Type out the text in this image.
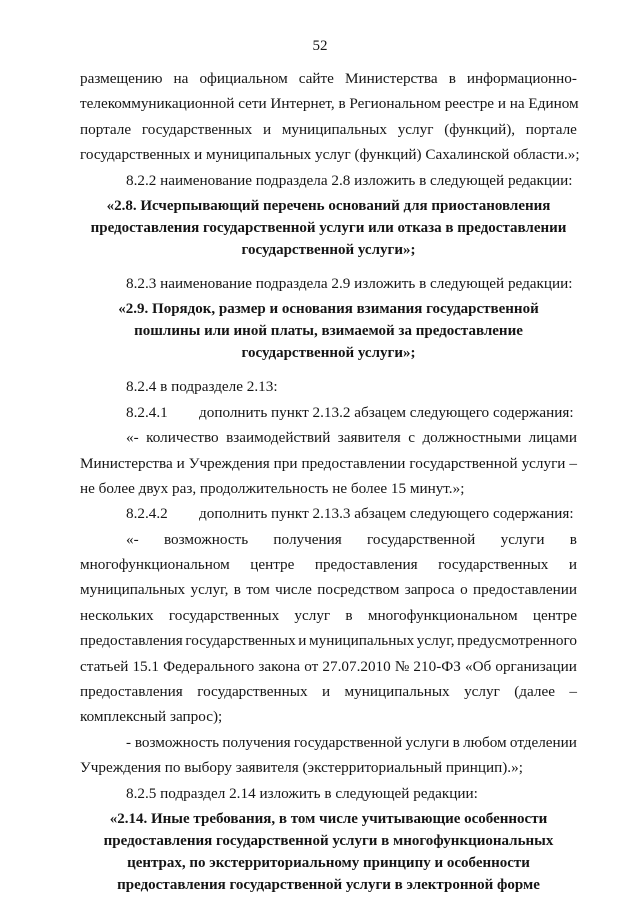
52
размещению на официальном сайте Министерства в информационно-
телекоммуникационной сети Интернет, в Региональном реестре и на Едином
портале государственных и муниципальных услуг (функций), портале
государственных и муниципальных услуг (функций) Сахалинской области.»;
8.2.2 наименование подраздела 2.8 изложить в следующей редакции:
«2.8. Исчерпывающий перечень оснований для приостановления
предоставления государственной услуги или отказа в предоставлении
государственной услуги»;
8.2.3 наименование подраздела 2.9 изложить в следующей редакции:
«2.9. Порядок, размер и основания взимания государственной
пошлины или иной платы, взимаемой за предоставление
государственной услуги»;
8.2.4 в подразделе 2.13:
8.2.4.1 дополнить пункт 2.13.2 абзацем следующего содержания:
«- количество взаимодействий заявителя с должностными лицами
Министерства и Учреждения при предоставлении государственной услуги –
не более двух раз, продолжительность не более 15 минут.»;
8.2.4.2 дополнить пункт 2.13.3 абзацем следующего содержания:
«- возможность получения государственной услуги в
многофункциональном центре предоставления государственных и
муниципальных услуг, в том числе посредством запроса о предоставлении
нескольких государственных услуг в многофункциональном центре
предоставления государственных и муниципальных услуг, предусмотренного
статьей 15.1 Федерального закона от 27.07.2010 № 210-ФЗ «Об организации
предоставления государственных и муниципальных услуг (далее –
комплексный запрос);
- возможность получения государственной услуги в любом отделении
Учреждения по выбору заявителя (экстерриториальный принцип).»;
8.2.5 подраздел 2.14 изложить в следующей редакции:
«2.14. Иные требования, в том числе учитывающие особенности
предоставления государственной услуги в многофункциональных
центрах, по экстерриториальному принципу и особенности
предоставления государственной услуги в электронной форме
